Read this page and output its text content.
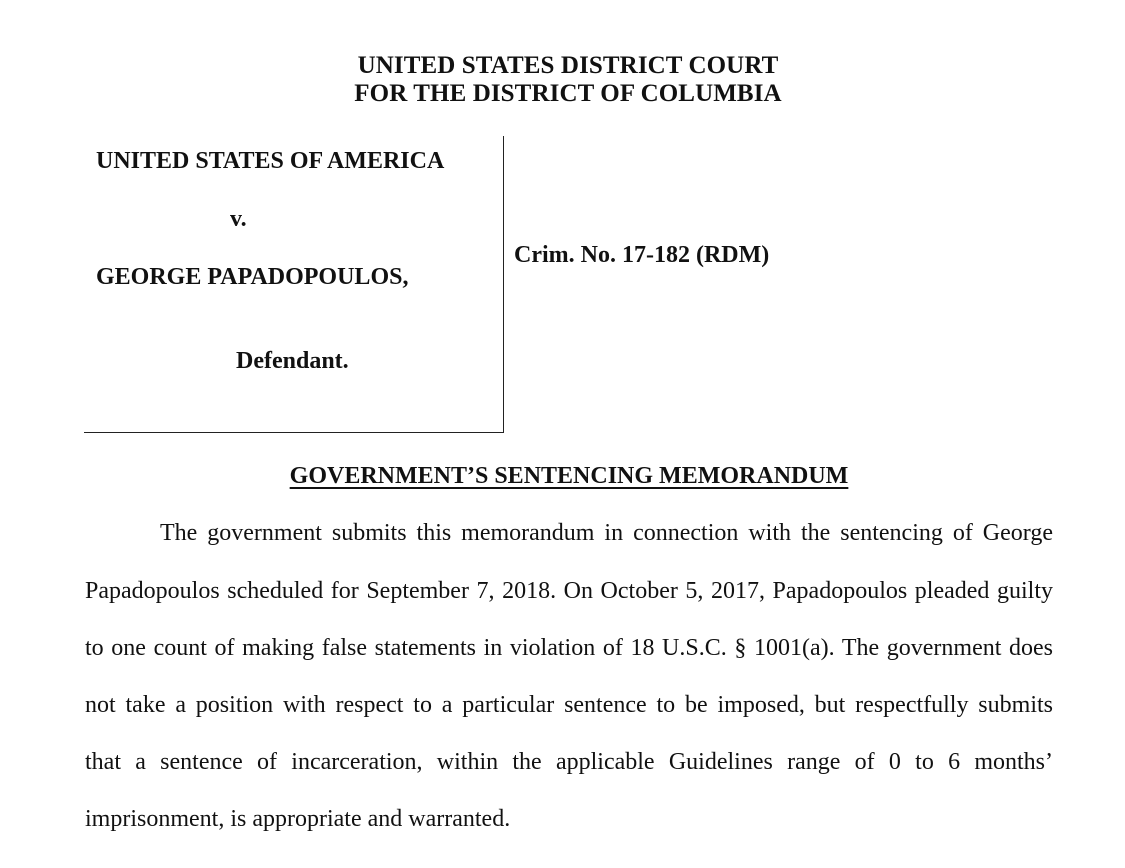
UNITED STATES DISTRICT COURT
FOR THE DISTRICT OF COLUMBIA
UNITED STATES OF AMERICA
v.
GEORGE PAPADOPOULOS,
Defendant.
Crim. No. 17-182 (RDM)
GOVERNMENT’S SENTENCING MEMORANDUM
The government submits this memorandum in connection with the sentencing of George
Papadopoulos scheduled for September 7, 2018. On October 5, 2017, Papadopoulos pleaded guilty
to one count of making false statements in violation of 18 U.S.C. § 1001(a). The government does
not take a position with respect to a particular sentence to be imposed, but respectfully submits
that a sentence of incarceration, within the applicable Guidelines range of 0 to 6 months’
imprisonment, is appropriate and warranted.
